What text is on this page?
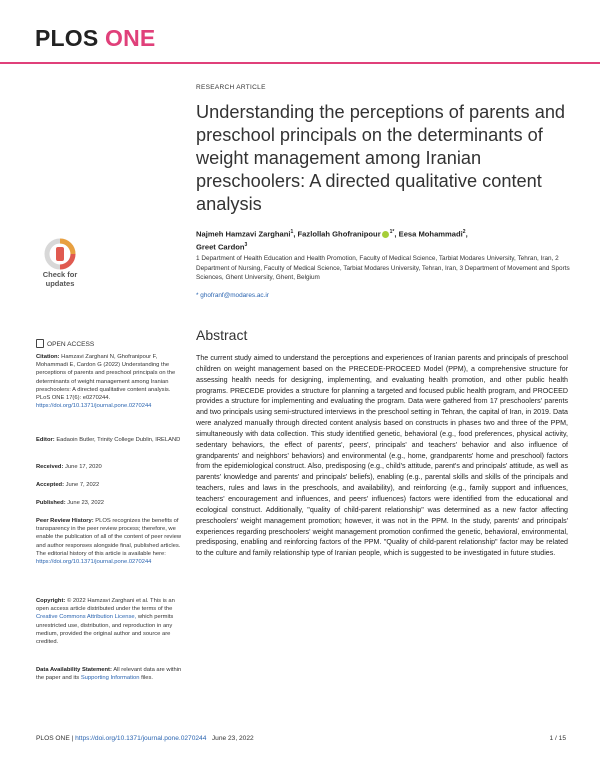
PLOS ONE
RESEARCH ARTICLE
Understanding the perceptions of parents and preschool principals on the determinants of weight management among Iranian preschoolers: A directed qualitative content analysis
Najmeh Hamzavi Zarghani$^1$, Fazlollah Ghofranipour $^{1*}$, Eesa Mohammadi$^2$,
Greet Cardon$^3$
1 Department of Health Education and Health Promotion, Faculty of Medical Science, Tarbiat Modares University, Tehran, Iran, 2 Department of Nursing, Faculty of Medical Science, Tarbiat Modares University, Tehran, Iran, 3 Department of Movement and Sports Sciences, Ghent University, Ghent, Belgium
* ghofranf@modares.ac.ir
Check for
updates
OPEN ACCESS
Citation: Hamzavi Zarghani N, Ghofranipour F, Mohammadi E, Cardon G (2022) Understanding the perceptions of parents and preschool principals on the determinants of weight management among Iranian preschoolers: A directed qualitative content analysis. PLoS ONE 17(6): e0270244. https://doi.org/10.1371/journal.pone.0270244
Editor: Eadaoin Butler, Trinity College Dublin, IRELAND
Received: June 17, 2020
Accepted: June 7, 2022
Published: June 23, 2022
Peer Review History: PLOS recognizes the benefits of transparency in the peer review process; therefore, we enable the publication of all of the content of peer review and author responses alongside final, published articles. The editorial history of this article is available here: https://doi.org/10.1371/journal.pone.0270244
Copyright: © 2022 Hamzavi Zarghani et al. This is an open access article distributed under the terms of the Creative Commons Attribution License, which permits unrestricted use, distribution, and reproduction in any medium, provided the original author and source are credited.
Data Availability Statement: All relevant data are within the paper and its Supporting Information files.
Abstract
The current study aimed to understand the perceptions and experiences of Iranian parents and principals of preschool children on weight management based on the PRECEDE-PROCEED Model (PPM), a comprehensive structure for assessing health needs for designing, implementing, and evaluating health promotion, and other public health programs. PRECEDE provides a structure for planning a targeted and focused public health program, and PROCEED provides a structure for implementing and evaluating the program. Data were gathered from 17 preschoolers' parents and two principals using semi-structured interviews in the preschool setting in Tehran, the capital of Iran, in 2019. Data were analyzed manually through directed content analysis based on constructs in phases two and three of the PPM, simultaneously with data collection. This study identified genetic, behavioral (e.g., food preferences, physical activity, sedentary behaviors, the effect of parents', peers', principals' and teachers' behavior and also influence of grandparents' and neighbors' behaviors) and environmental (e.g., home, grandparents' home and preschool) factors from the epidemiological construct. Also, predisposing (e.g., child's attitude, parent's and principals' attitude, as well as parents' knowledge and parents' and principals' beliefs), enabling (e.g., parental skills and skills of the principals and teachers, rules and laws in the preschools, and availability), and reinforcing (e.g., family support and influences, teachers' encouragement and influences, and peers' influences) factors were identified from the educational and ecological construct. Additionally, "quality of child-parent relationship" was determined as a new factor affecting preschoolers' weight management promotion; however, it was not in the PPM. In the study, parents' and principals' experiences regarding preschoolers' weight management promotion confirmed the genetic, behavioral, environmental, predisposing, enabling and reinforcing factors of the PPM. "Quality of child-parent relationship" factor may be related to the culture and family relationship type of Iranian people, which is suggested to be investigated in future studies.
PLOS ONE | https://doi.org/10.1371/journal.pone.0270244 June 23, 2022	1 / 15
